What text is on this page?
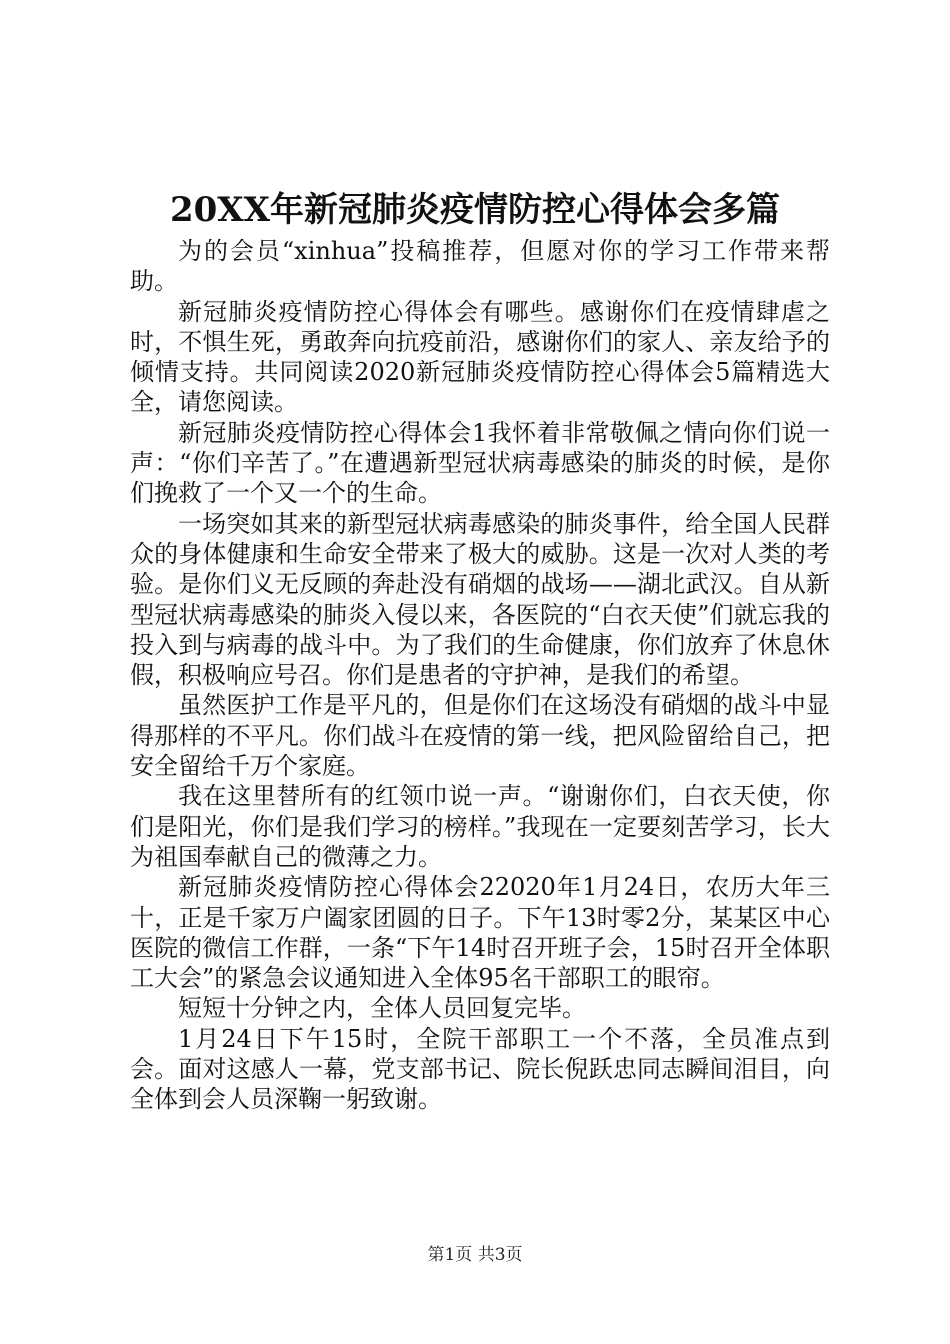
20XX年新冠肺炎疫情防控心得体会多篇

为的会员“xinhua”投稿推荐，但愿对你的学习工作带来帮助。

新冠肺炎疫情防控心得体会有哪些。感谢你们在疫情肆虐之时，不惧生死，勇敢奔向抗疫前沿，感谢你们的家人、亲友给予的倾情支持。共同阅读2020新冠肺炎疫情防控心得体会5篇精选大全，请您阅读。

新冠肺炎疫情防控心得体会1我怀着非常敬佩之情向你们说一声：“你们辛苦了。”在遭遇新型冠状病毒感染的肺炎的时候，是你们挽救了一个又一个的生命。

一场突如其来的新型冠状病毒感染的肺炎事件，给全国人民群众的身体健康和生命安全带来了极大的威胁。这是一次对人类的考验。是你们义无反顾的奔赴没有硝烟的战场——湖北武汉。自从新型冠状病毒感染的肺炎入侵以来，各医院的“白衣天使”们就忘我的投入到与病毒的战斗中。为了我们的生命健康，你们放弃了休息休假，积极响应号召。你们是患者的守护神，是我们的希望。

虽然医护工作是平凡的，但是你们在这场没有硝烟的战斗中显得那样的不平凡。你们战斗在疫情的第一线，把风险留给自己，把安全留给千万个家庭。

我在这里替所有的红领巾说一声。“谢谢你们，白衣天使，你们是阳光，你们是我们学习的榜样。”我现在一定要刻苦学习，长大为祖国奉献自己的微薄之力。

新冠肺炎疫情防控心得体会22020年1月24日，农历大年三十，正是千家万户阖家团圆的日子。下午13时零2分，某某区中心医院的微信工作群，一条“下午14时召开班子会，15时召开全体职工大会”的紧急会议通知进入全体95名干部职工的眼帘。

短短十分钟之内，全体人员回复完毕。

1月24日下午15时，全院干部职工一个不落，全员准点到会。面对这感人一幕，党支部书记、院长倪跃忠同志瞬间泪目，向全体到会人员深鞠一躬致谢。

第1页 共3页
